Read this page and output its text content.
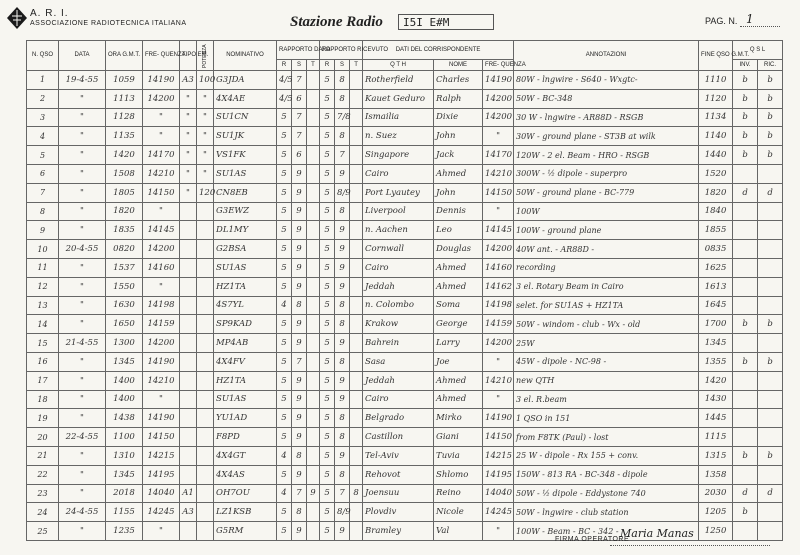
A. R. I.
ASSOCIAZIONE RADIOTECNICA ITALIANA	Stazione Radio	I5I E#M	PAG. N. 1
N. QSO	DATA	ORA G.M.T.	FRE- QUENZA	TIPO EM.	POTENZA	NOMINATIVO	RAPPORTO DATO			RAPPORTO RICEVUTO			DATI DEL CORRISPONDENTE			ANNOTAZIONI	FINE QSO G.M.T.	Q S L	
							R	S	T	R	S	T	Q T H	NOME	FRE- QUENZA			INV.	RIC.
1	19-4-55	1059	14190	A3	100	G3JDA	4/5	7		5	8		Rotherfield	Charles	14190	80W - lngwire - S640 - Wxgtc-	1110	b	b
2	"	1113	14200	"	"	4X4AE	4/5	6		5	8		Kauet Geduro	Ralph	14200	50W - BC-348	1120	b	b
3	"	1128	"	"	"	SU1CN	5	7		5	7/8		Ismailia	Dixie	14200	30 W - lngwire - AR88D - RSGB	1134	b	b
4	"	1135	"	"	"	SU1JK	5	7		5	8		n. Suez	John	"	30W - ground plane - ST3B at wilk	1140	b	b
5	"	1420	14170	"	"	VS1FK	5	6		5	7		Singapore	Jack	14170	120W - 2 el. Beam - HRO - RSGB	1440	b	b
6	"	1508	14210	"	"	SU1AS	5	9		5	9		Cairo	Ahmed	14210	300W - ½ dipole - superpro	1520		
7	"	1805	14150	"	120	CN8EB	5	9		5	8/9		Port Lyautey	John	14150	50W - ground plane - BC-779	1820	d	d
8	"	1820	"			G3EWZ	5	9		5	8		Liverpool	Dennis	"	100W	1840		
9	"	1835	14145			DL1MY	5	9		5	9		n. Aachen	Leo	14145	100W - ground plane	1855		
10	20-4-55	0820	14200			G2BSA	5	9		5	9		Cornwall	Douglas	14200	40W ant. - AR88D -	0835		
11	"	1537	14160			SU1AS	5	9		5	9		Cairo	Ahmed	14160	recording	1625		
12	"	1550	"			HZ1TA	5	9		5	9		Jeddah	Ahmed	14162	3 el. Rotary Beam in Cairo	1613		
13	"	1630	14198			4S7YL	4	8		5	8		n. Colombo	Soma	14198	selet. for SU1AS + HZ1TA	1645		
14	"	1650	14159			SP9KAD	5	9		5	8		Krakow	George	14159	50W - windom - club - Wx - old	1700	b	b
15	21-4-55	1300	14200			MP4AB	5	9		5	9		Bahrein	Larry	14200	25W	1345		
16	"	1345	14190			4X4FV	5	7		5	8		Sasa	Joe	"	45W - dipole - NC-98 -	1355	b	b
17	"	1400	14210			HZ1TA	5	9		5	9		Jeddah	Ahmed	14210	new QTH	1420		
18	"	1400	"			SU1AS	5	9		5	9		Cairo	Ahmed	"	3 el. R.beam	1430		
19	"	1438	14190			YU1AD	5	9		5	8		Belgrado	Mirko	14190	1 QSO in 151	1445		
20	22-4-55	1100	14150			F8PD	5	9		5	8		Castillon	Giani	14150	from F8TK (Paul) - lost	1115		
21	"	1310	14215			4X4GT	4	8		5	9		Tel-Aviv	Tuvia	14215	25 W - dipole - Rx 155 + conv.	1315	b	b
22	"	1345	14195			4X4AS	5	9		5	8		Rehovot	Shlomo	14195	150W - 813 RA - BC-348 - dipole	1358		
23	"	2018	14040	A1		OH7OU	4	7	9	5	7	8	Joensuu	Reino	14040	50W - ½ dipole - Eddystone 740	2030	d	d
24	24-4-55	1155	14245	A3		LZ1KSB	5	8		5	8/9		Plovdiv	Nicole	14245	50W - lngwire - club station	1205	b	
25	"	1235	"			G5RM	5	9		5	9		Bramley	Val	"	100W - Beam - BC - 342 -	1250		
FIRMA OPERATORE
Maria Manas
